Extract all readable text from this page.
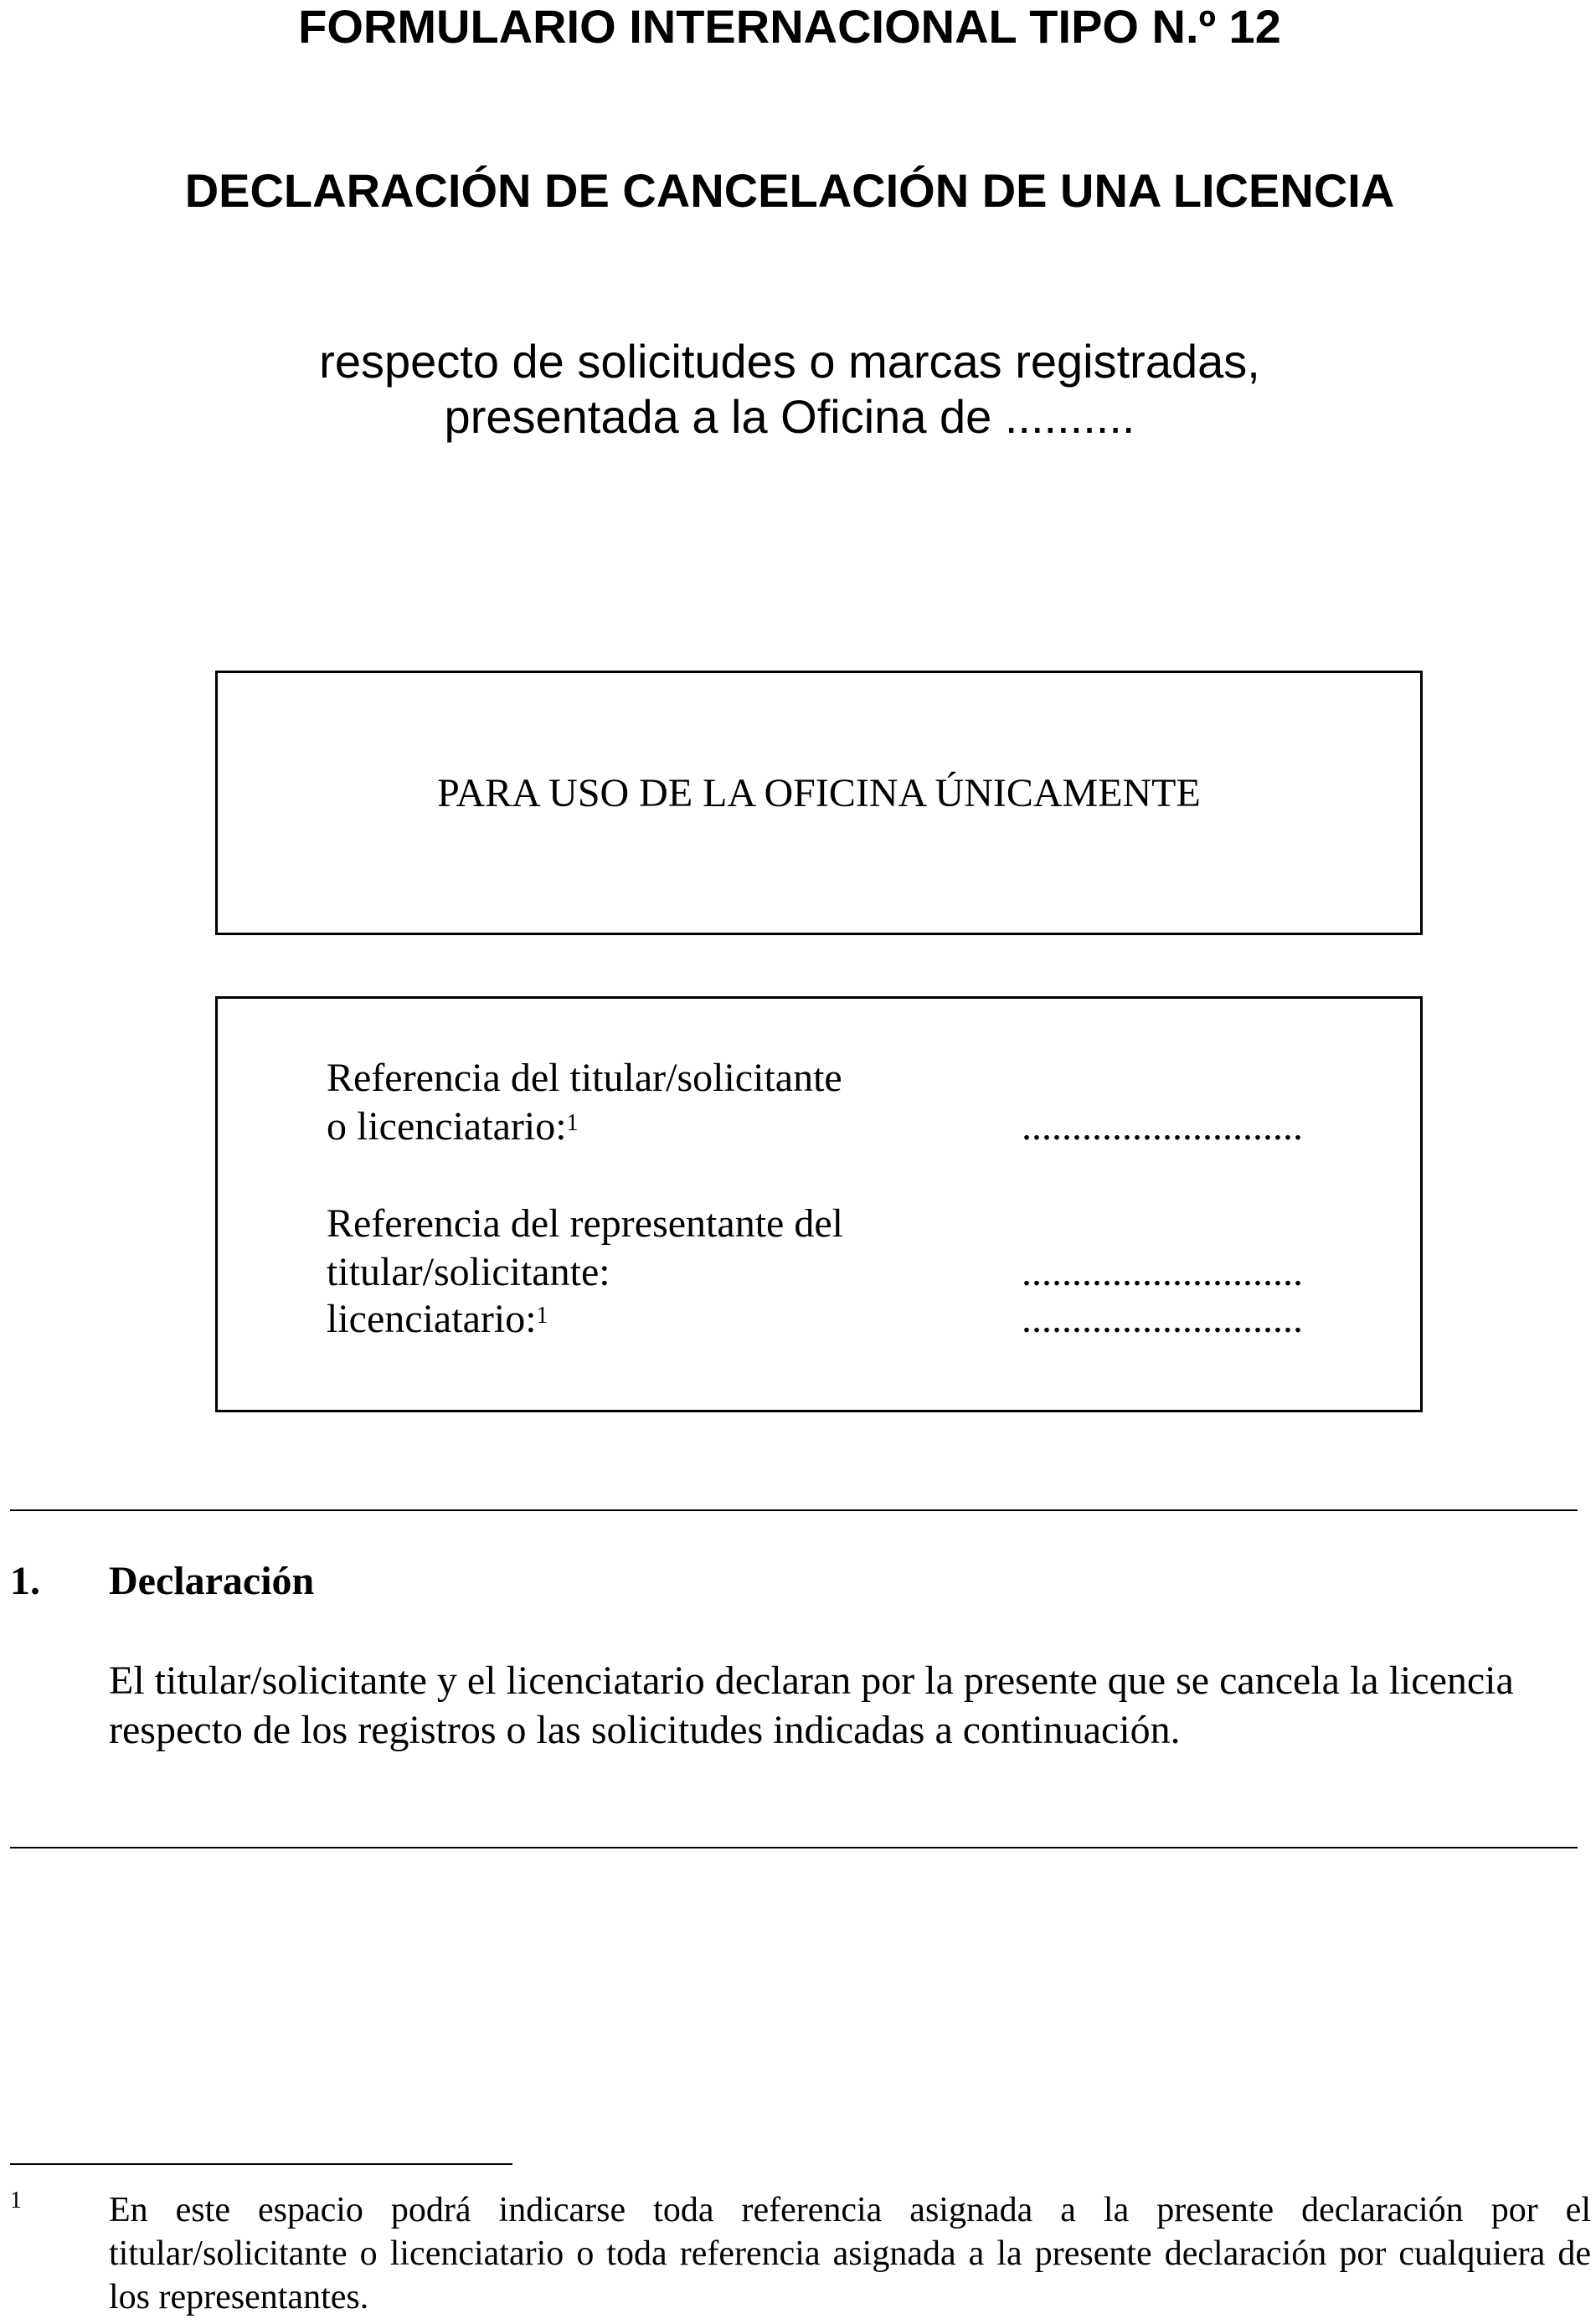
FORMULARIO INTERNACIONAL TIPO N.º 12
DECLARACIÓN DE CANCELACIÓN DE UNA LICENCIA

respecto de solicitudes o marcas registradas,

presentada a la Oficina de ..........

PARA USO DE LA OFICINA ÚNICAMENTE
Referencia del titular/solicitante
o licenciatario:$^1$	............................
Referencia del representante del
titular/solicitante:	............................
licenciatario:$^1$	............................
1. Declaración
El titular/solicitante y el licenciatario declaran por la presente que se cancela la licencia respecto de los registros o las solicitudes indicadas a continuación.
1 En este espacio podrá indicarse toda referencia asignada a la presente declaración por el titular/solicitante o licenciatario o toda referencia asignada a la presente declaración por cualquiera de los representantes.
